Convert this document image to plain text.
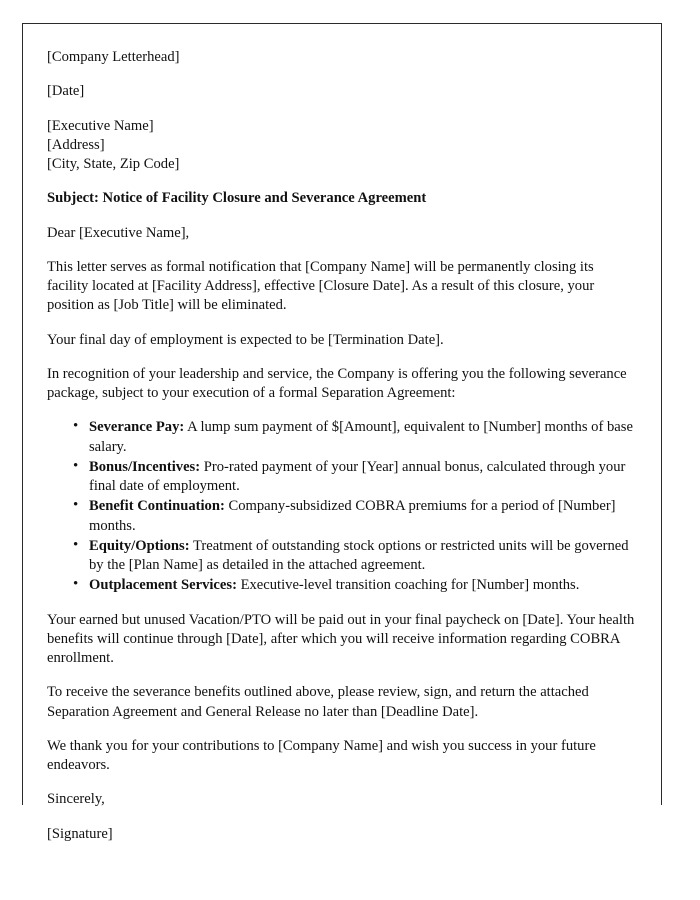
[Company Letterhead]

[Date]

[Executive Name]

[Address]

[City, State, Zip Code]

Subject: Notice of Facility Closure and Severance Agreement

Dear [Executive Name],

This letter serves as formal notification that [Company Name] will be permanently closing its facility located at [Facility Address], effective [Closure Date]. As a result of this closure, your position as [Job Title] will be eliminated.

Your final day of employment is expected to be [Termination Date].

In recognition of your leadership and service, the Company is offering you the following severance package, subject to your execution of a formal Separation Agreement:

• Severance Pay: A lump sum payment of $[Amount], equivalent to [Number] months of base salary.
• Bonus/Incentives: Pro-rated payment of your [Year] annual bonus, calculated through your final date of employment.
• Benefit Continuation: Company-subsidized COBRA premiums for a period of [Number] months.
• Equity/Options: Treatment of outstanding stock options or restricted units will be governed by the [Plan Name] as detailed in the attached agreement.
• Outplacement Services: Executive-level transition coaching for [Number] months.

Your earned but unused Vacation/PTO will be paid out in your final paycheck on [Date]. Your health benefits will continue through [Date], after which you will receive information regarding COBRA enrollment.

To receive the severance benefits outlined above, please review, sign, and return the attached Separation Agreement and General Release no later than [Deadline Date].

We thank you for your contributions to [Company Name] and wish you success in your future endeavors.

Sincerely,

[Signature]
